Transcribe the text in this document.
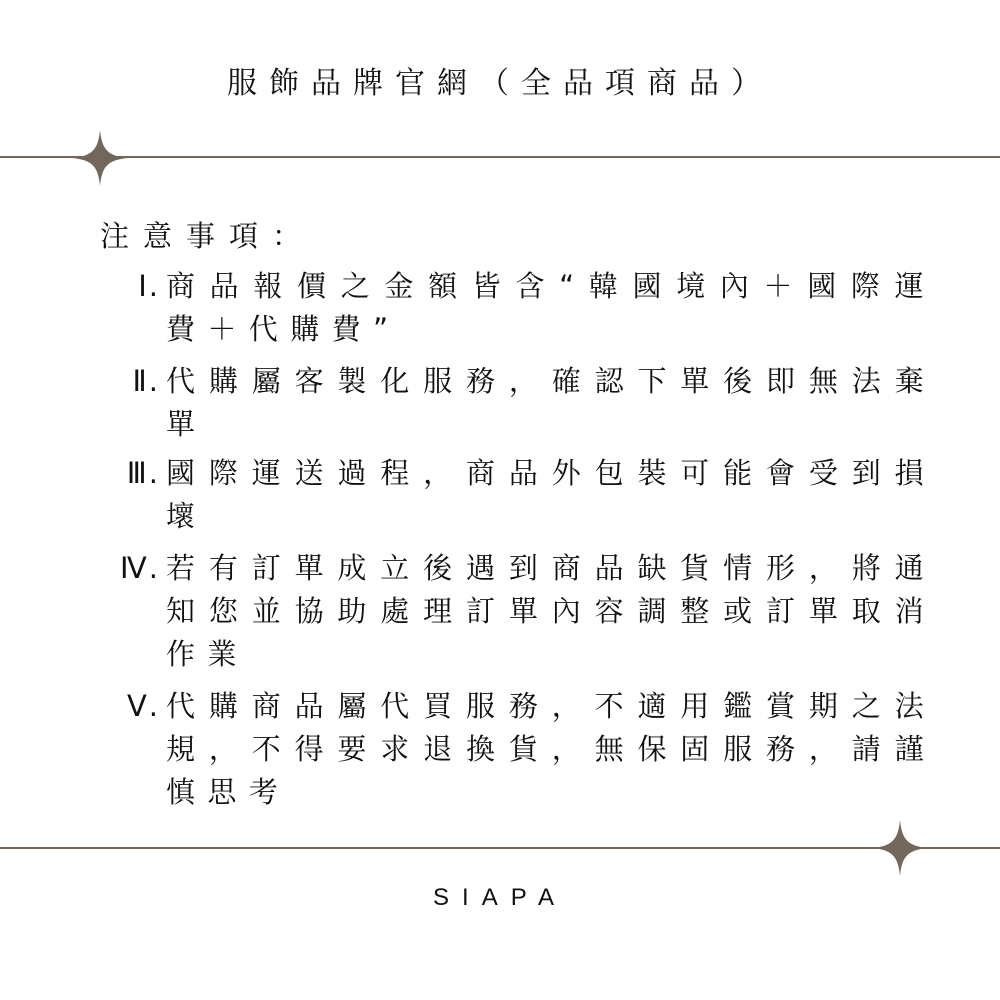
服飾品牌官網（全品項商品）
注意事項：
Ⅰ. 商品報價之金額皆含“韓國境內＋國際運費＋代購費”
Ⅱ. 代購屬客製化服務，確認下單後即無法棄單
Ⅲ. 國際運送過程，商品外包裝可能會受到損壞
Ⅳ. 若有訂單成立後遇到商品缺貨情形，將通知您並協助處理訂單內容調整或訂單取消作業
Ⅴ. 代購商品屬代買服務，不適用鑑賞期之法規，不得要求退換貨，無保固服務，請謹慎思考
SIAPA
